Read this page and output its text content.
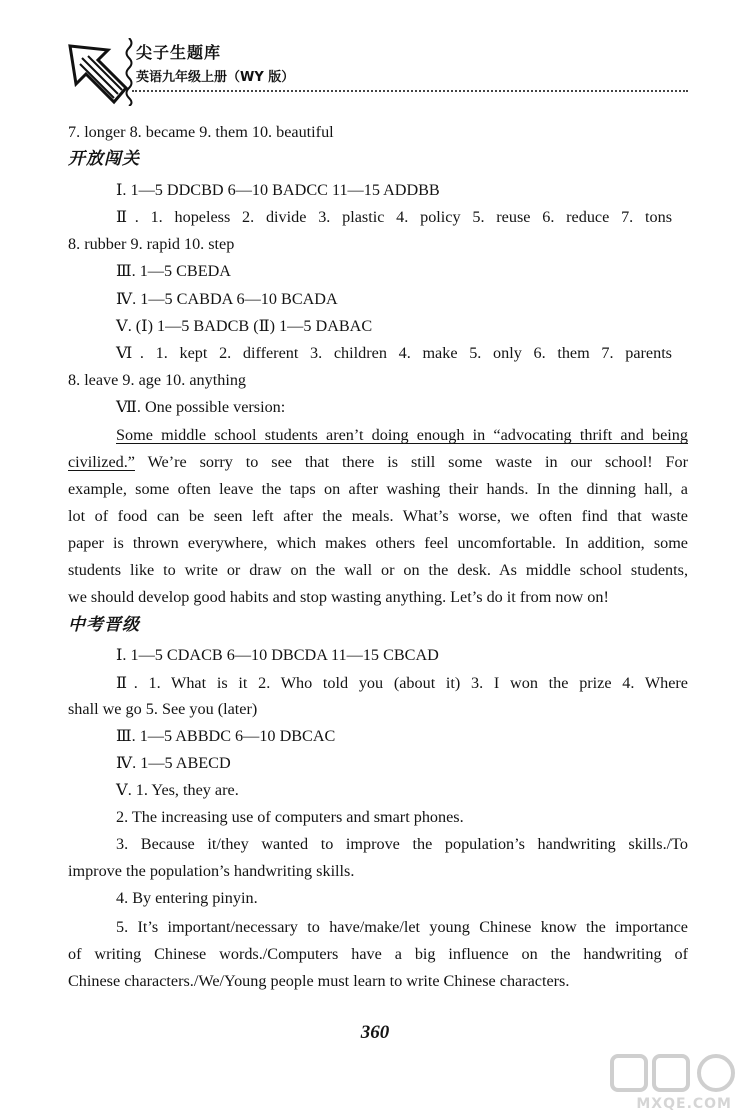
尖子生题库
英语九年级上册（WY 版）
7. longer 8. became 9. them 10. beautiful
开放闯关
Ⅰ. 1—5 DDCBD 6—10 BADCC 11—15 ADDBB
Ⅱ. 1. hopeless 2. divide 3. plastic 4. policy 5. reuse 6. reduce 7. tons
8. rubber 9. rapid 10. step
Ⅲ. 1—5 CBEDA
Ⅳ. 1—5 CABDA 6—10 BCADA
Ⅴ. (Ⅰ) 1—5 BADCB (Ⅱ) 1—5 DABAC
Ⅵ. 1. kept 2. different 3. children 4. make 5. only 6. them 7. parents
8. leave 9. age 10. anything
Ⅶ. One possible version:
Some middle school students aren’t doing enough in “advocating thrift and being
civilized.” We’re sorry to see that there is still some waste in our school! For
example, some often leave the taps on after washing their hands. In the dinning hall, a
lot of food can be seen left after the meals. What’s worse, we often find that waste
paper is thrown everywhere, which makes others feel uncomfortable. In addition, some
students like to write or draw on the wall or on the desk. As middle school students,
we should develop good habits and stop wasting anything. Let’s do it from now on!
中考晋级
Ⅰ. 1—5 CDACB 6—10 DBCDA 11—15 CBCAD
Ⅱ. 1. What is it 2. Who told you (about it) 3. I won the prize 4. Where
shall we go 5. See you (later)
Ⅲ. 1—5 ABBDC 6—10 DBCAC
Ⅳ. 1—5 ABECD
Ⅴ. 1. Yes, they are.
2. The increasing use of computers and smart phones.
3. Because it/they wanted to improve the population’s handwriting skills./To
improve the population’s handwriting skills.
4. By entering pinyin.
5. It’s important/necessary to have/make/let young Chinese know the importance
of writing Chinese words./Computers have a big influence on the handwriting of
Chinese characters./We/Young people must learn to write Chinese characters.
360
MXQE.COM
